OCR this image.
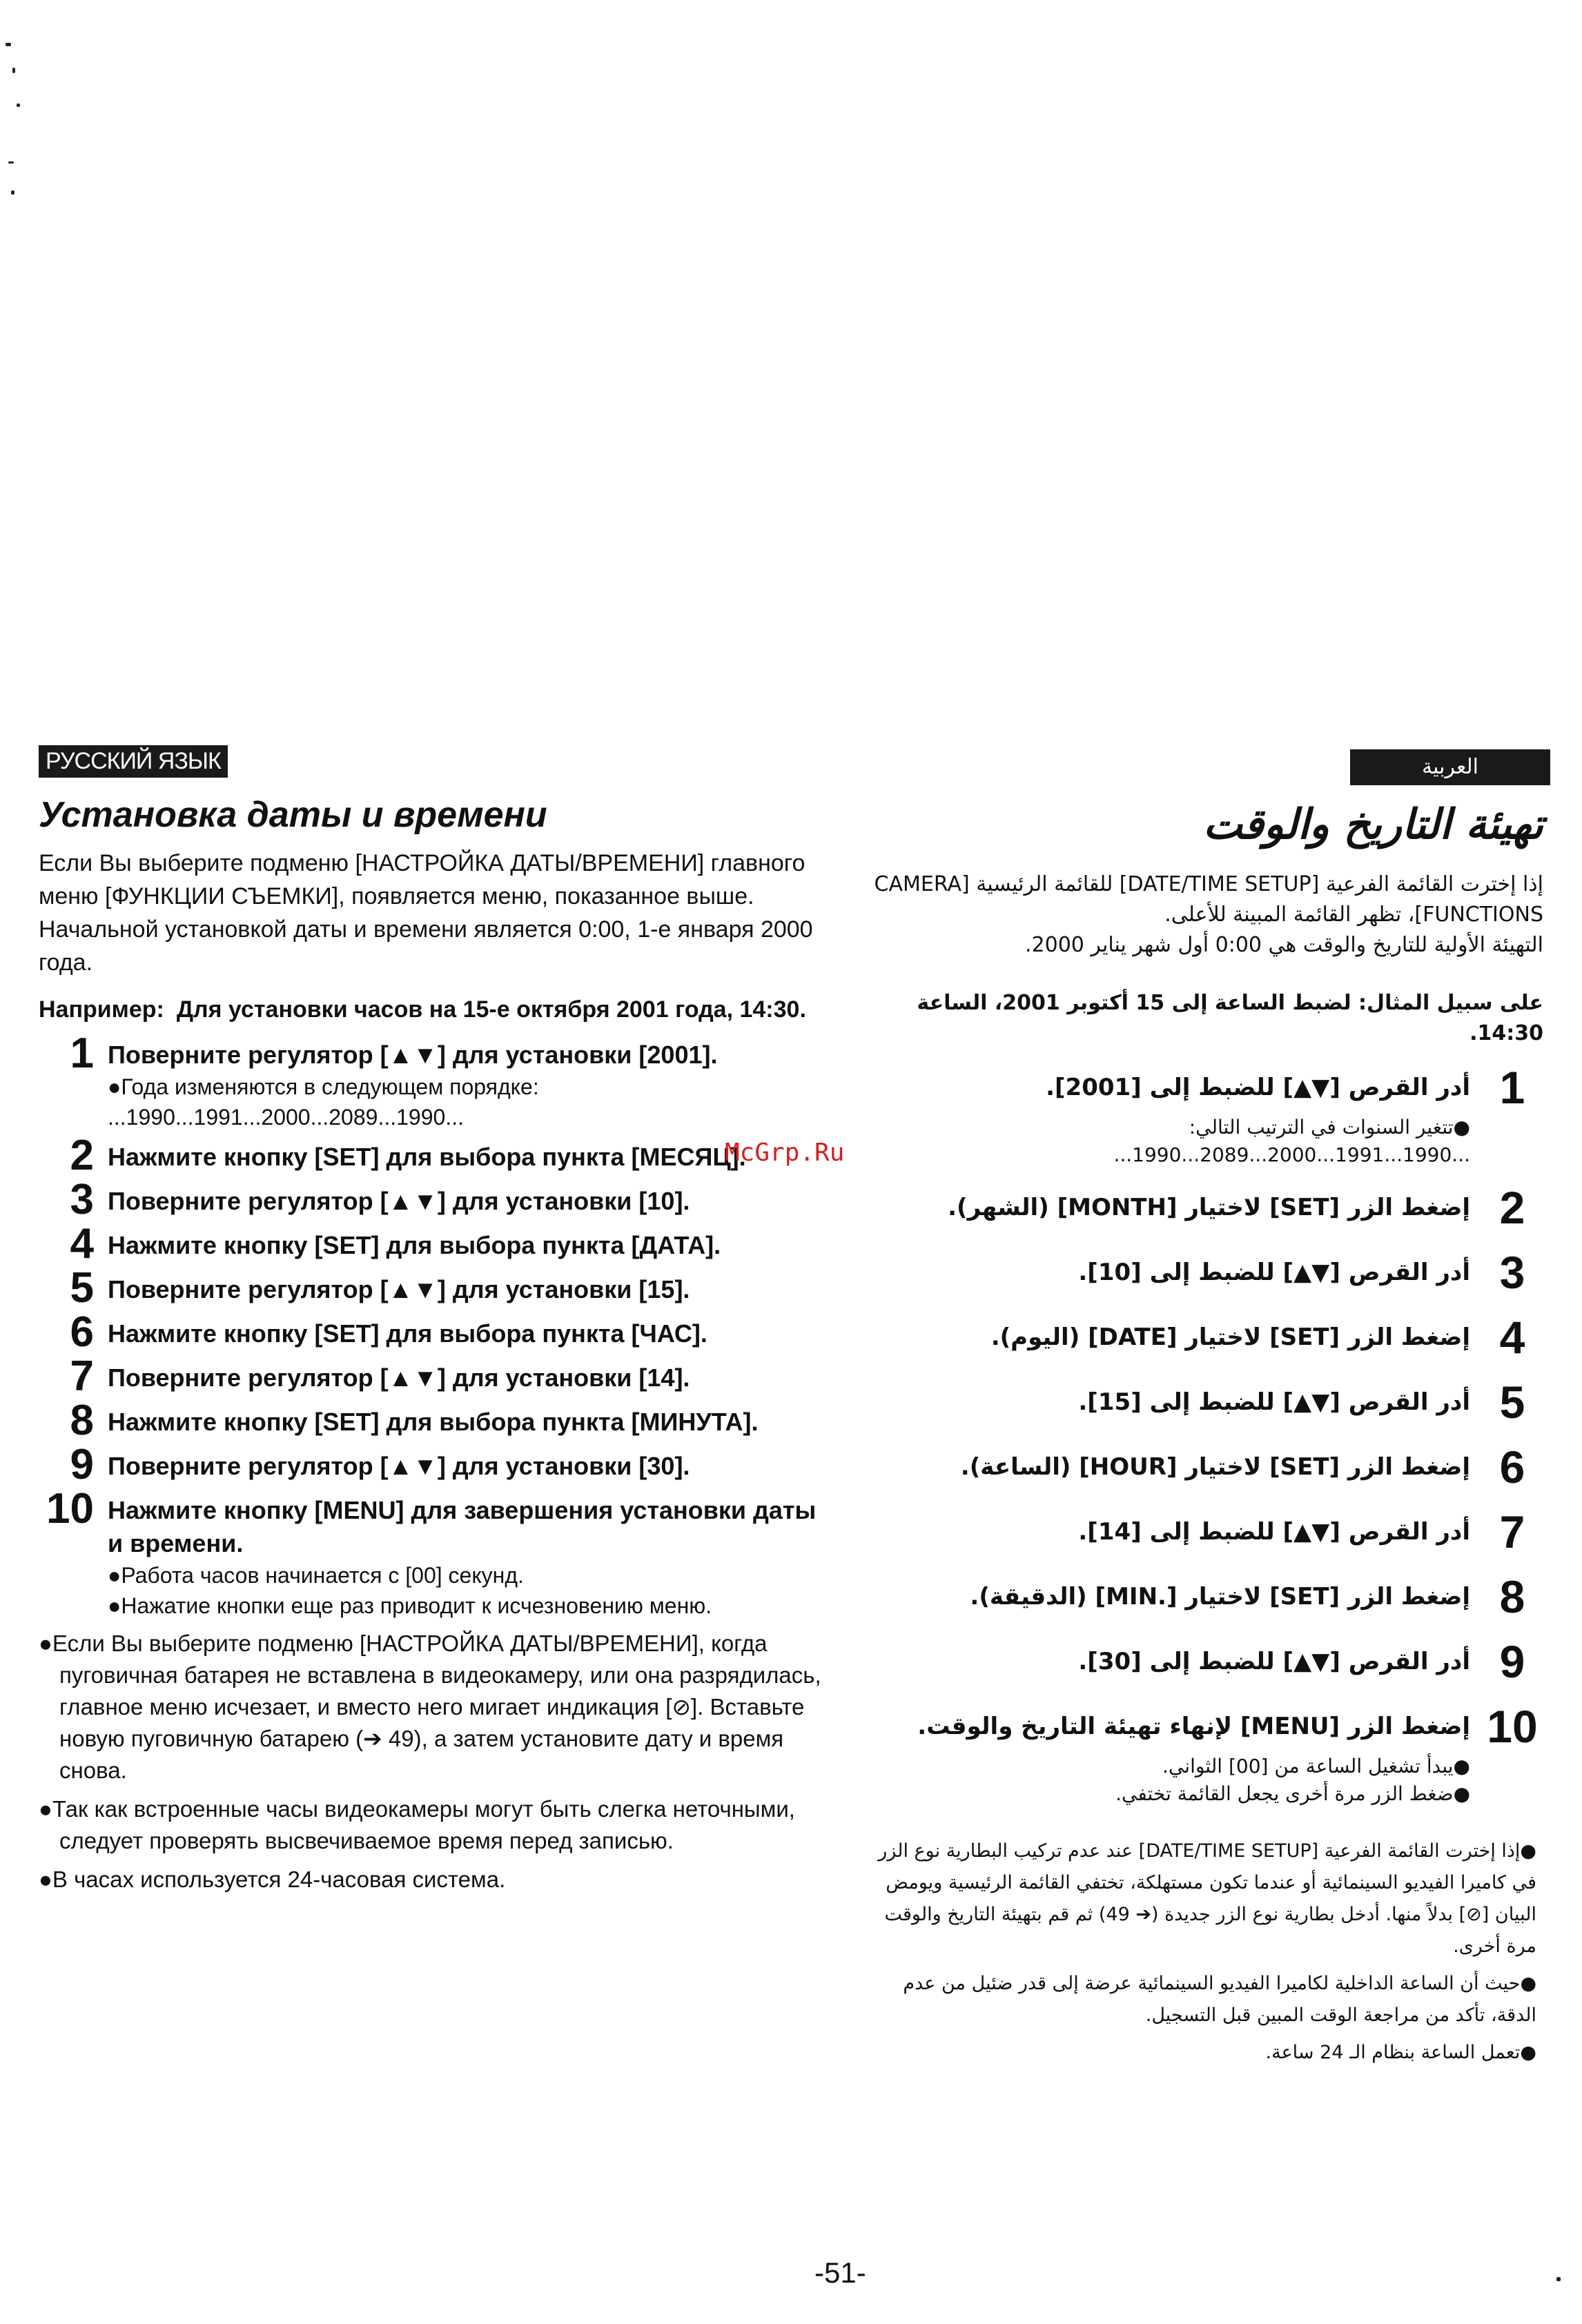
РУССКИЙ ЯЗЫК
Установка даты и времени

Если Вы выберите подменю [НАСТРОЙКА ДАТЫ/ВРЕМЕНИ] главного меню [ФУНКЦИИ СЪЕМКИ], появляется меню, показанное выше.

Начальной установкой даты и времени является 0:00, 1-е января 2000 года.

Например: Для установки часов на 15-е октября 2001 года, 14:30.
1 Поверните регулятор [▲▼] для установки [2001].
●Года изменяются в следующем порядке:
...1990...1991...2000...2089...1990...
2 Нажмите кнопку [SET] для выбора пункта [МЕСЯЦ].
3 Поверните регулятор [▲▼] для установки [10].
4 Нажмите кнопку [SET] для выбора пункта [ДАТА].
5 Поверните регулятор [▲▼] для установки [15].
6 Нажмите кнопку [SET] для выбора пункта [ЧАС].
7 Поверните регулятор [▲▼] для установки [14].
8 Нажмите кнопку [SET] для выбора пункта [МИНУТА].
9 Поверните регулятор [▲▼] для установки [30].
10 Нажмите кнопку [MENU] для завершения установки даты и времени.
●Работа часов начинается с [00] секунд.
●Нажатие кнопки еще раз приводит к исчезновению меню.
●Если Вы выберите подменю [НАСТРОЙКА ДАТЫ/ВРЕМЕНИ], когда пуговичная батарея не вставлена в видеокамеру, или она разрядилась, главное меню исчезает, и вместо него мигает индикация [⊘]. Вставьте новую пуговичную батарею (➔ 49), а затем установите дату и время снова.
●Так как встроенные часы видеокамеры могут быть слегка неточными, следует проверять высвечиваемое время перед записью.
●В часах используется 24-часовая система.
العربية
تهيئة التاريخ والوقت

إذا إخترت القائمة الفرعية [DATE/TIME SETUP] للقائمة الرئيسية [CAMERA FUNCTIONS]، تظهر القائمة المبينة للأعلى.

التهيئة الأولية للتاريخ والوقت هي 0:00 أول شهر يناير 2000.

على سبيل المثال: لضبط الساعة إلى 15 أكتوبر 2001، الساعة 14:30.
1
أدر القرص [▼▲] للضبط إلى [2001].
●تتغير السنوات في الترتيب التالي:
...1990...1991...2000...2089...1990...
2
إضغط الزر [SET] لاختيار [MONTH] (الشهر).
3
أدر القرص [▼▲] للضبط إلى [10].
4
إضغط الزر [SET] لاختيار [DATE] (اليوم).
5
أدر القرص [▼▲] للضبط إلى [15].
6
إضغط الزر [SET] لاختيار [HOUR] (الساعة).
7
أدر القرص [▼▲] للضبط إلى [14].
8
إضغط الزر [SET] لاختيار [.MIN] (الدقيقة).
9
أدر القرص [▼▲] للضبط إلى [30].
10
إضغط الزر [MENU] لإنهاء تهيئة التاريخ والوقت.
●يبدأ تشغيل الساعة من [00] الثواني.
●ضغط الزر مرة أخرى يجعل القائمة تختفي.
●إذا إخترت القائمة الفرعية [DATE/TIME SETUP] عند عدم تركيب البطارية نوع الزر في كاميرا الفيديو السينمائية أو عندما تكون مستهلكة، تختفي القائمة الرئيسية ويومض البيان [⊘] بدلاً منها. أدخل بطارية نوع الزر جديدة (➔ 49) ثم قم بتهيئة التاريخ والوقت مرة أخرى.
●حيث أن الساعة الداخلية لكاميرا الفيديو السينمائية عرضة إلى قدر ضئيل من عدم الدقة، تأكد من مراجعة الوقت المبين قبل التسجيل.
●تعمل الساعة بنظام الـ 24 ساعة.
McGrp.Ru
-51-
